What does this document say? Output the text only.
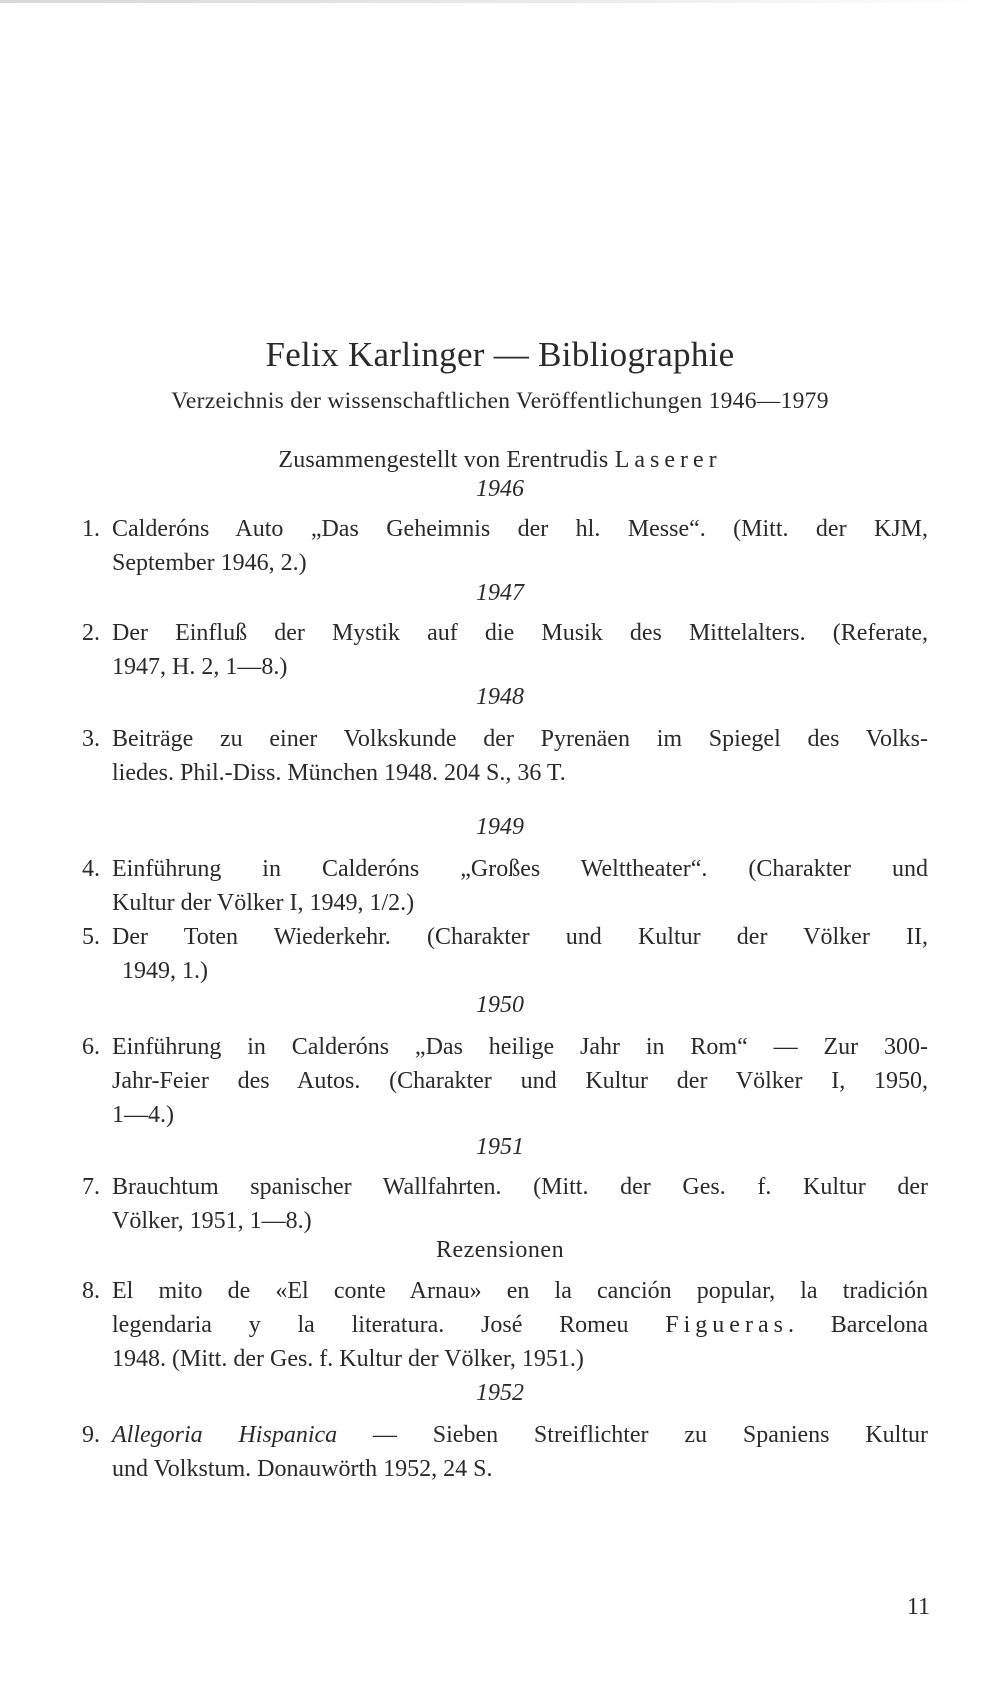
Felix Karlinger — Bibliographie
Verzeichnis der wissenschaftlichen Veröffentlichungen 1946—1979
Zusammengestellt von Erentrudis Laserer
1946
1. Calderóns Auto „Das Geheimnis der hl. Messe“. (Mitt. der KJM,
September 1946, 2.)
1947
2. Der Einfluß der Mystik auf die Musik des Mittelalters. (Referate,
1947, H. 2, 1—8.)
1948
3. Beiträge zu einer Volkskunde der Pyrenäen im Spiegel des Volks-
liedes. Phil.-Diss. München 1948. 204 S., 36 T.
1949
4. Einführung in Calderóns „Großes Welttheater“. (Charakter und
Kultur der Völker I, 1949, 1/2.)
5. Der Toten Wiederkehr. (Charakter und Kultur der Völker II,
1949, 1.)
1950
6. Einführung in Calderóns „Das heilige Jahr in Rom“ — Zur 300-
Jahr-Feier des Autos. (Charakter und Kultur der Völker I, 1950,
1—4.)
1951
7. Brauchtum spanischer Wallfahrten. (Mitt. der Ges. f. Kultur der
Völker, 1951, 1—8.)
Rezensionen
8. El mito de «El conte Arnau» en la canción popular, la tradición
legendaria y la literatura. José Romeu Figueras. Barcelona
1948. (Mitt. der Ges. f. Kultur der Völker, 1951.)
1952
9. Allegoria Hispanica — Sieben Streiflichter zu Spaniens Kultur
und Volkstum. Donauwörth 1952, 24 S.
11
